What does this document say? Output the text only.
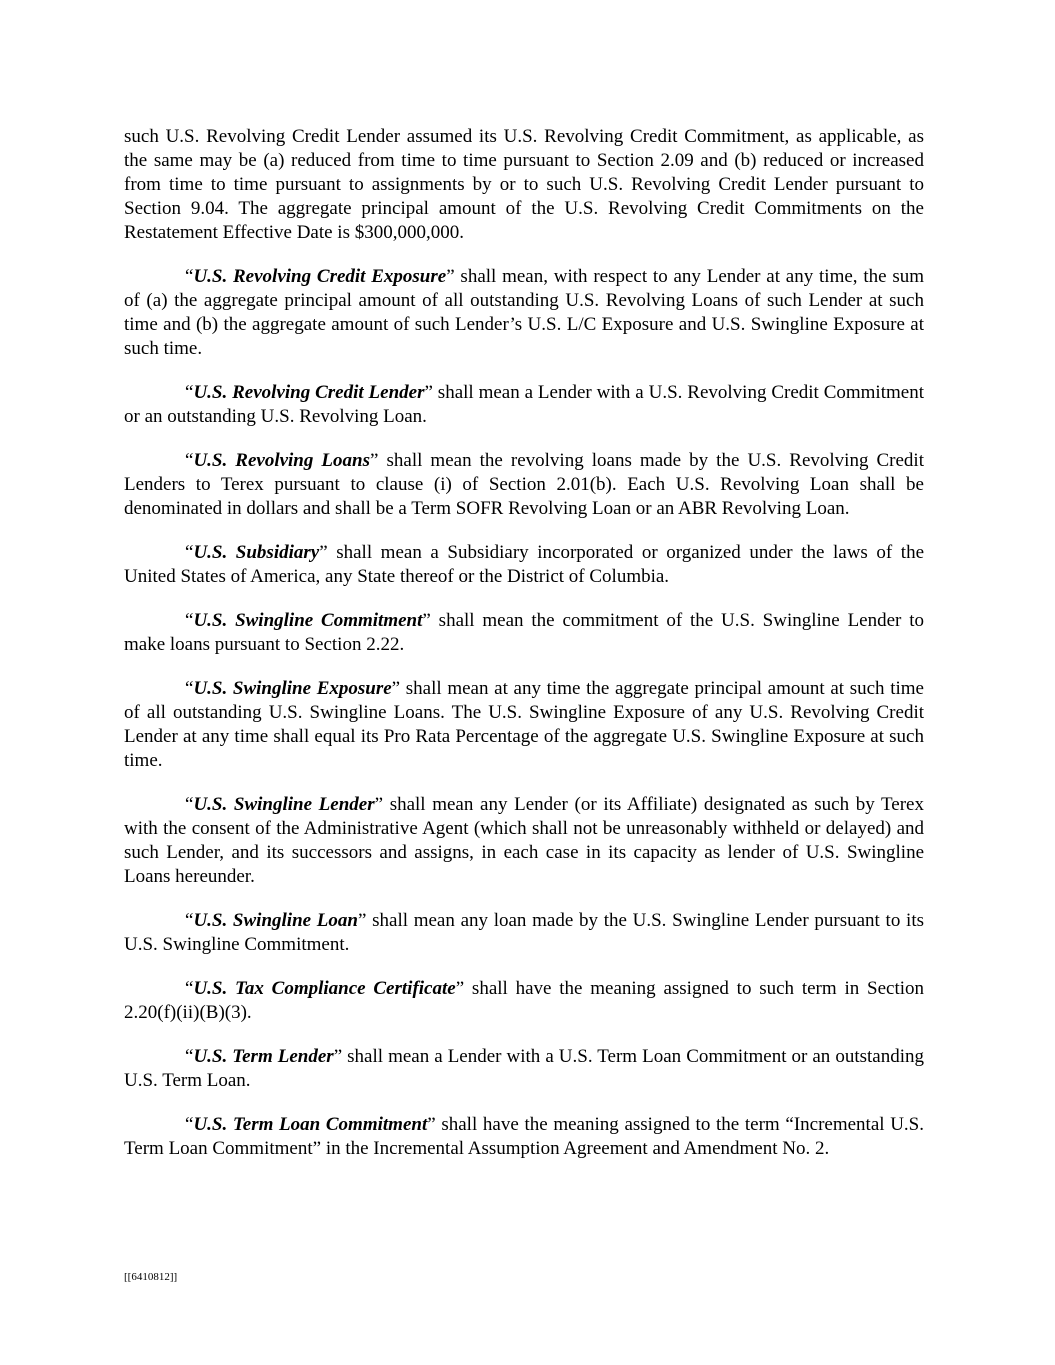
such U.S. Revolving Credit Lender assumed its U.S. Revolving Credit Commitment, as applicable, as the same may be (a) reduced from time to time pursuant to Section 2.09 and (b) reduced or increased from time to time pursuant to assignments by or to such U.S. Revolving Credit Lender pursuant to Section 9.04. The aggregate principal amount of the U.S. Revolving Credit Commitments on the Restatement Effective Date is $300,000,000.

“U.S. Revolving Credit Exposure” shall mean, with respect to any Lender at any time, the sum of (a) the aggregate principal amount of all outstanding U.S. Revolving Loans of such Lender at such time and (b) the aggregate amount of such Lender’s U.S. L/C Exposure and U.S. Swingline Exposure at such time.

“U.S. Revolving Credit Lender” shall mean a Lender with a U.S. Revolving Credit Commitment or an outstanding U.S. Revolving Loan.

“U.S. Revolving Loans” shall mean the revolving loans made by the U.S. Revolving Credit Lenders to Terex pursuant to clause (i) of Section 2.01(b). Each U.S. Revolving Loan shall be denominated in dollars and shall be a Term SOFR Revolving Loan or an ABR Revolving Loan.

“U.S. Subsidiary” shall mean a Subsidiary incorporated or organized under the laws of the United States of America, any State thereof or the District of Columbia.

“U.S. Swingline Commitment” shall mean the commitment of the U.S. Swingline Lender to make loans pursuant to Section 2.22.

“U.S. Swingline Exposure” shall mean at any time the aggregate principal amount at such time of all outstanding U.S. Swingline Loans. The U.S. Swingline Exposure of any U.S. Revolving Credit Lender at any time shall equal its Pro Rata Percentage of the aggregate U.S. Swingline Exposure at such time.

“U.S. Swingline Lender” shall mean any Lender (or its Affiliate) designated as such by Terex with the consent of the Administrative Agent (which shall not be unreasonably withheld or delayed) and such Lender, and its successors and assigns, in each case in its capacity as lender of U.S. Swingline Loans hereunder.

“U.S. Swingline Loan” shall mean any loan made by the U.S. Swingline Lender pursuant to its U.S. Swingline Commitment.

“U.S. Tax Compliance Certificate” shall have the meaning assigned to such term in Section 2.20(f)(ii)(B)(3).

“U.S. Term Lender” shall mean a Lender with a U.S. Term Loan Commitment or an outstanding U.S. Term Loan.

“U.S. Term Loan Commitment” shall have the meaning assigned to the term “Incremental U.S. Term Loan Commitment” in the Incremental Assumption Agreement and Amendment No. 2.

[[6410812]]
